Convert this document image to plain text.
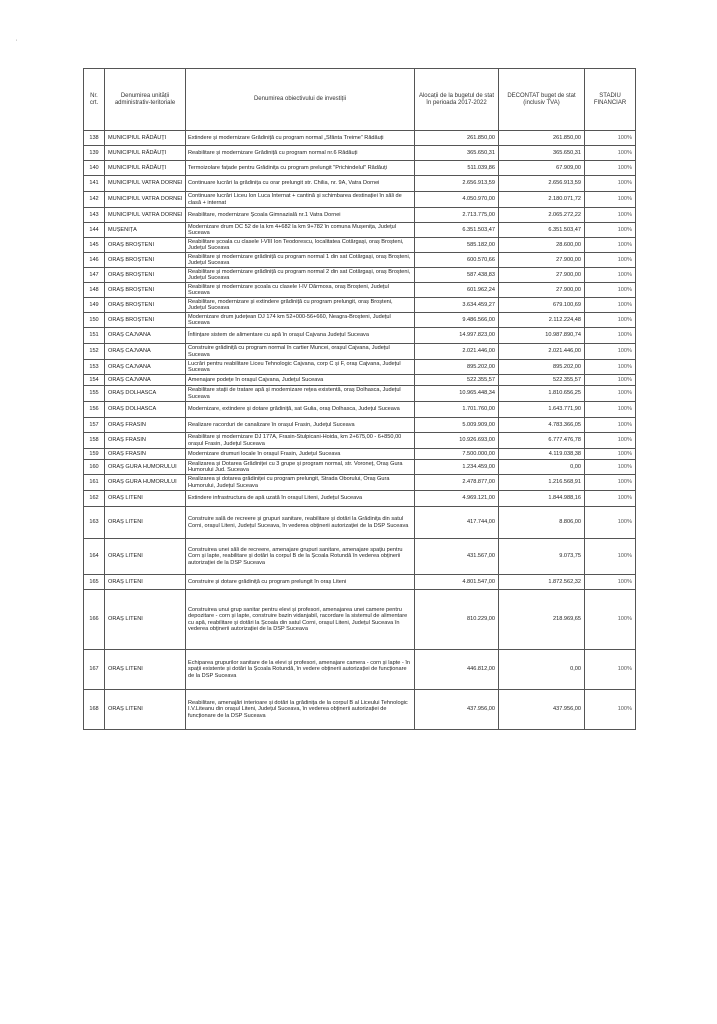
'
Nr. crt.	Denumirea unității administrativ-teritoriale	Denumirea obiectivului de investiții	Alocații de la bugetul de stat în perioada 2017-2022	DECONTAT buget de stat (inclusiv TVA)	STADIU FINANCIAR
138	MUNICIPIUL RĂDĂUȚI	Extindere și modernizare Grădiniță cu program normal „Sfânta Treime” Rădăuți	261.850,00	261.850,00	100%
139	MUNICIPIUL RĂDĂUȚI	Reabilitare și modernizare Grădiniță cu program normal nr.6 Rădăuți	365.650,31	365.650,31	100%
140	MUNICIPIUL RĂDĂUȚI	Termoizolare fațade pentru Grădinița cu program prelungit "Prichindelul" Rădăuți	511.039,86	67.909,00	100%
141	MUNICIPIUL VATRA DORNEI	Continuare lucrări la grădinița cu orar prelungit str. Chilia, nr. 9A, Vatra Dornei	2.656.913,59	2.656.913,59	100%
142	MUNICIPIUL VATRA DORNEI	Continuare lucrări Liceu Ion Luca Internat + cantină și schimbarea destinației în săli de clasă + internat	4.050.970,00	2.180.071,72	100%
143	MUNICIPIUL VATRA DORNEI	Reabilitare, modernizare Școala Gimnazială nr.1 Vatra Dornei	2.713.775,00	2.065.272,22	100%
144	MUȘENIȚA	Modernizare drum DC 52 de la km 4+682 la km 9+782 în comuna Mușenița, Județul Suceava	6.351.503,47	6.351.503,47	100%
145	ORAȘ BROȘTENI	Reabilitare școala cu clasele I-VIII Ion Teodorescu, localitatea Cotârgași, oraș Broșteni, Județul Suceava	585.182,00	28.600,00	100%
146	ORAȘ BROȘTENI	Reabilitare și modernizare grădiniță cu program normal 1 din sat Cotârgași, oraș Broșteni, Județul Suceava	600.570,66	27.900,00	100%
147	ORAȘ BROȘTENI	Reabilitare și modernizare grădiniță cu program normal 2 din sat Cotârgași, oraș Broșteni, Județul Suceava	587.438,83	27.900,00	100%
148	ORAȘ BROȘTENI	Reabilitare și modernizare școala cu clasele I-IV Dârmoxa, oraș Broșteni, Județul Suceava	601.962,24	27.900,00	100%
149	ORAȘ BROȘTENI	Reabilitare, modernizare și extindere grădiniță cu program prelungit, oraș Broșteni, Județul Suceava	3.634.459,27	679.100,69	100%
150	ORAȘ BROȘTENI	Modernizare drum județean DJ 174 km 52+000-56+660, Neagra-Broșteni, Județul Suceava	9.486.566,00	2.112.224,48	100%
151	ORAȘ CAJVANA	Înființare sistem de alimentare cu apă în orașul Cajvana Județul Suceava	14.997.823,00	10.987.890,74	100%
152	ORAȘ CAJVANA	Construire grădiniță cu program normal în cartier Muncei, orașul Cajvana, Județul Suceava	2.021.446,00	2.021.446,00	100%
153	ORAȘ CAJVANA	Lucrări pentru reabilitare Liceu Tehnologic Cajvana, corp C și F, oraș Cajvana, Județul Suceava	895.202,00	895.202,00	100%
154	ORAȘ CAJVANA	Amenajare podețe în orașul Cajvana, Județul Suceava	522.355,57	522.355,57	100%
155	ORAȘ DOLHASCA	Reabilitare stații de tratare apă și modernizare rețea existentă, oraș Dolhasca, Județul Suceava	10.965.448,34	1.810.656,25	100%
156	ORAȘ DOLHASCA	Modernizare, extindere și dotare grădiniță, sat Gulia, oraș Dolhasca, Județul Suceava	1.701.760,00	1.643.771,90	100%
157	ORAȘ FRASIN	Realizare racorduri de canalizare în orașul Frasin, Județul Suceava	5.009.909,00	4.783.366,05	100%
158	ORAȘ FRASIN	Reabilitare și modernizare DJ 177A, Frasin-Stulpicani-Hoida, km 2+675,00 - 6+850,00 orașul Frasin, Județul Suceava	10.926.693,00	6.777.476,78	100%
159	ORAȘ FRASIN	Modernizare drumuri locale în orașul Frasin, Județul Suceava	7.500.000,00	4.119.038,38	100%
160	ORAȘ GURA HUMORULUI	Realizarea și Dotarea Grădiniței cu 3 grupe și program normal, str. Voroneț, Oraș Gura Humorului Jud. Suceava	1.234.459,00	0,00	100%
161	ORAȘ GURA HUMORULUI	Realizarea și dotarea grădiniței cu program prelungit, Strada Oborului, Oraș Gura Humorului, Județul Suceava	2.478.877,00	1.216.568,91	100%
162	ORAȘ LITENI	Extindere infrastructura de apă uzată în orașul Liteni, Județul Suceava	4.969.121,00	1.844.988,16	100%
163	ORAȘ LITENI	Construire sală de recreere și grupuri sanitare, reabilitare și dotări la Grădinița din satul Corni, orașul Liteni, Județul Suceava, în vederea obținerii autorizației de la DSP Suceava	417.744,00	8.806,00	100%
164	ORAȘ LITENI	Construirea unei săli de recreere, amenajare grupuri sanitare, amenajare spațiu pentru Corn și lapte, reabilitare și dotări la corpul B de la Școala Rotundă în vederea obținerii autorizației de la DSP Suceava	431.567,00	9.073,75	100%
165	ORAȘ LITENI	Construire și dotare grădiniță cu program prelungit în oraș Liteni	4.801.547,00	1.872.562,32	100%
166	ORAȘ LITENI	Construirea unui grup sanitar pentru elevi și profesori, amenajarea unei camere pentru depozitare - corn și lapte, construire bazin vidanjabil, racordare la sistemul de alimentare cu apă, reabilitare și dotări la Școala din satul Corni, orașul Liteni, Județul Suceava în vederea obținerii autorizației de la DSP Suceava	810.229,00	218.969,65	100%
167	ORAȘ LITENI	Echiparea grupurilor sanitare de la elevi și profesori, amenajare camera - corn și lapte - în spații existente și dotări la Școala Rotundă, în vedere obținerii autorizației de funcționare de la DSP Suceava	446.812,00	0,00	100%
168	ORAȘ LITENI	Reabilitare, amenajări interioare și dotări la grădinița de la corpul B al Liceului Tehnologic I.V.Liteanu din orașul Liteni, Județul Suceava, în vederea obținerii autorizației de funcționare de la DSP Suceava	437.956,00	437.956,00	100%
